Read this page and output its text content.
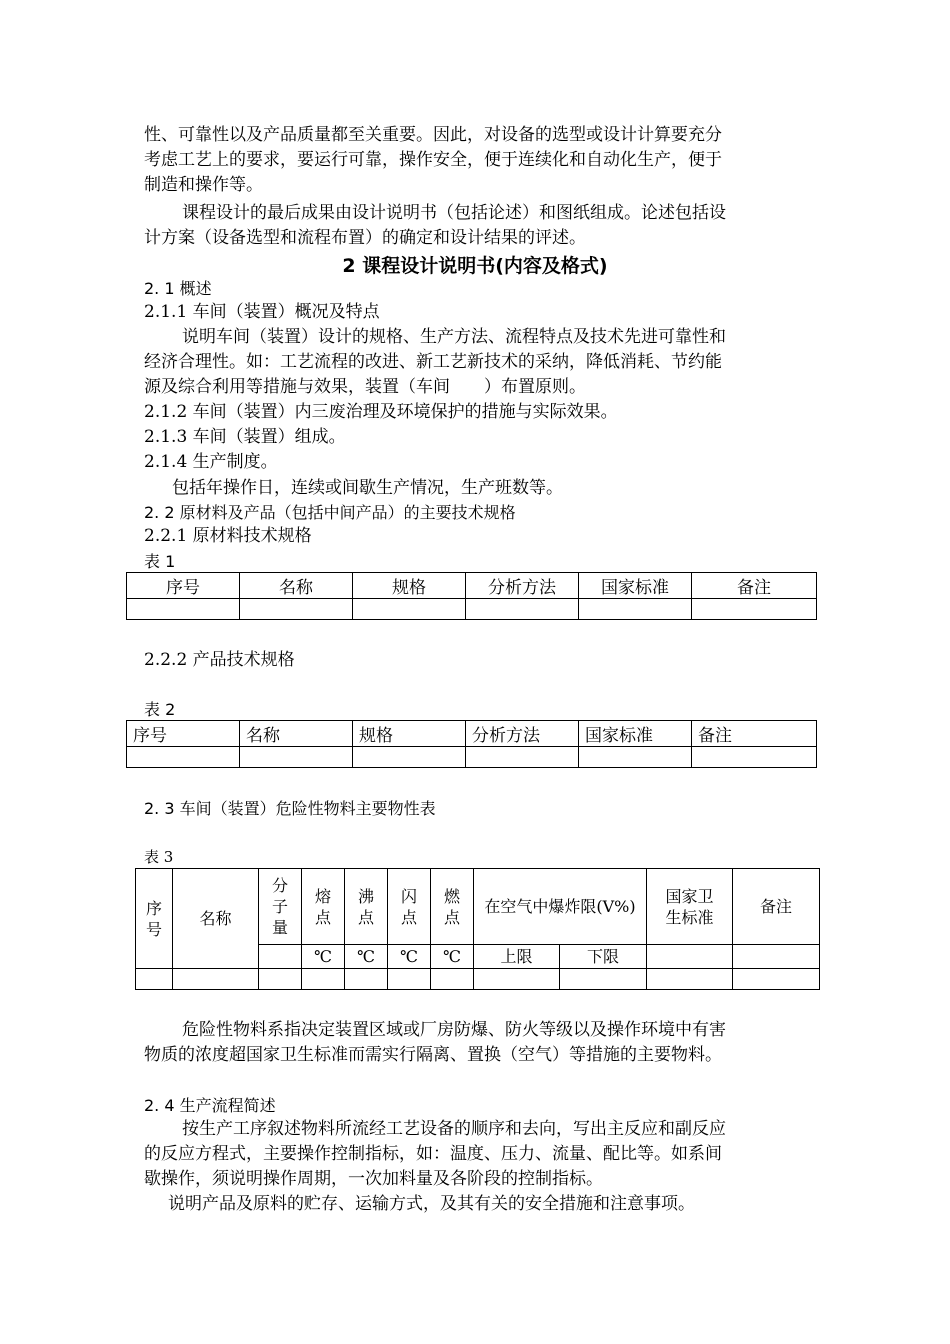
性、可靠性以及产品质量都至关重要。因此，对设备的选型或设计计算要充分
考虑工艺上的要求，要运行可靠，操作安全，便于连续化和自动化生产，便于
制造和操作等。
课程设计的最后成果由设计说明书（包括论述）和图纸组成。论述包括设
计方案（设备选型和流程布置）的确定和设计结果的评述。
2 课程设计说明书(内容及格式)
2. 1 概述
2.1.1 车间（装置）概况及特点
说明车间（装置）设计的规格、生产方法、流程特点及技术先进可靠性和
经济合理性。如：工艺流程的改进、新工艺新技术的采纳，降低消耗、节约能
源及综合利用等措施与效果，装置（车间　　）布置原则。
2.1.2 车间（装置）内三废治理及环境保护的措施与实际效果。
2.1.3 车间（装置）组成。
2.1.4 生产制度。
包括年操作日，连续或间歇生产情况，生产班数等。
2. 2 原材料及产品（包括中间产品）的主要技术规格
2.2.1 原材料技术规格
表 1
序号	名称	规格	分析方法	国家标准	备注

2.2.2 产品技术规格
表 2
序号	名称	规格	分析方法	国家标准	备注

2. 3 车间（装置）危险性物料主要物性表
表 3
序号	名称	分子量	熔点	沸点	闪点	燃点	在空气中爆炸限(V%)		国家卫生标准	备注
			℃	℃	℃	℃	上限	下限		

危险性物料系指决定装置区域或厂房防爆、防火等级以及操作环境中有害
物质的浓度超国家卫生标准而需实行隔离、置换（空气）等措施的主要物料。
2. 4 生产流程简述
按生产工序叙述物料所流经工艺设备的顺序和去向，写出主反应和副反应
的反应方程式，主要操作控制指标，如：温度、压力、流量、配比等。如系间
歇操作，须说明操作周期，一次加料量及各阶段的控制指标。
说明产品及原料的贮存、运输方式，及其有关的安全措施和注意事项。
